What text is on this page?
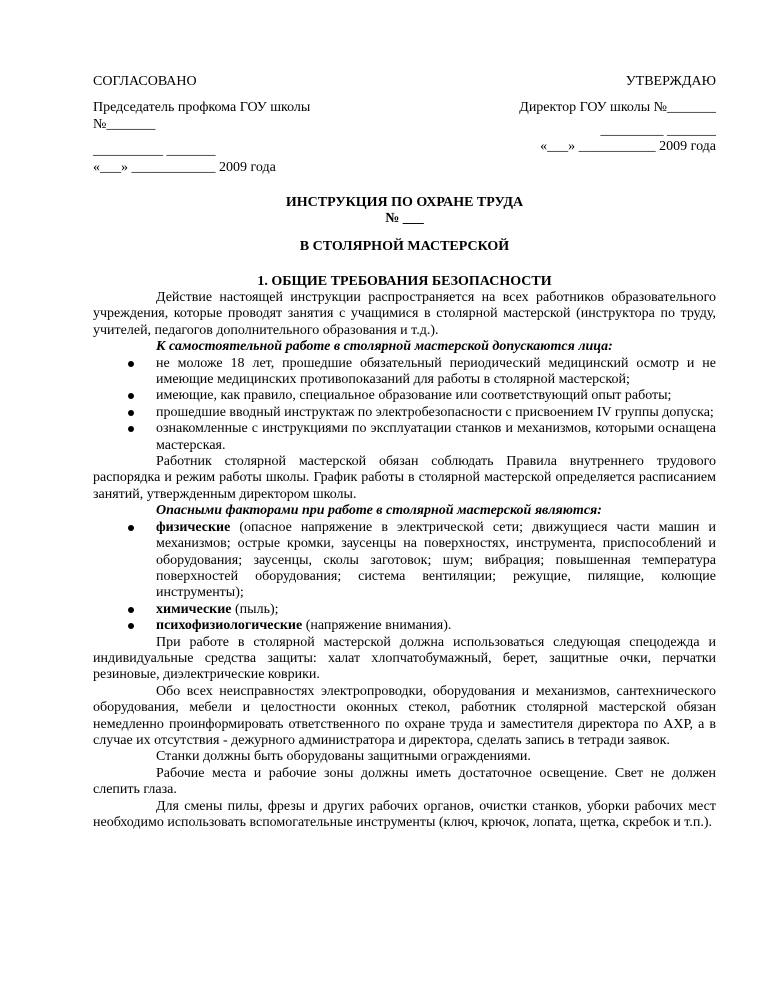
СОГЛАСОВАНО

Председатель профкома ГОУ школы

№_______

__________ _______

«___» ____________ 2009 года

УТВЕРЖДАЮ

Директор ГОУ школы №_______

_________ _______

«___» ___________ 2009 года

ИНСТРУКЦИЯ ПО ОХРАНЕ ТРУДА
№ ___
В СТОЛЯРНОЙ МАСТЕРСКОЙ
1. ОБЩИЕ ТРЕБОВАНИЯ БЕЗОПАСНОСТИ

Действие настоящей инструкции распространяется на всех работников образовательного учреждения, которые проводят занятия с учащимися в столярной мастерской (инструктора по труду, учителей, педагогов дополнительного образования и т.д.).

К самостоятельной работе в столярной мастерской допускаются лица:

не моложе 18 лет, прошедшие обязательный периодический медицинский осмотр и не имеющие медицинских противопоказаний для работы в столярной мастерской;
имеющие, как правило, специальное образование или соответствующий опыт работы;
прошедшие вводный инструктаж по электробезопасности с присвоением IV группы допуска;
ознакомленные с инструкциями по эксплуатации станков и механизмов, которыми оснащена мастерская.

Работник столярной мастерской обязан соблюдать Правила внутреннего трудового распорядка и режим работы школы. График работы в столярной мастерской определяется расписанием занятий, утвержденным директором школы.

Опасными факторами при работе в столярной мастерской являются:

физические (опасное напряжение в электрической сети; движущиеся части машин и механизмов; острые кромки, заусенцы на поверхностях, инструмента, приспособлений и оборудования; заусенцы, сколы заготовок; шум; вибрация; повышенная температура поверхностей оборудования; система вентиляции; режущие, пилящие, колющие инструменты);
химические (пыль);
психофизиологические (напряжение внимания).

При работе в столярной мастерской должна использоваться следующая спецодежда и индивидуальные средства защиты: халат хлопчатобумажный, берет, защитные очки, перчатки резиновые, диэлектрические коврики.

Обо всех неисправностях электропроводки, оборудования и механизмов, сантехнического оборудования, мебели и целостности оконных стекол, работник столярной мастерской обязан немедленно проинформировать ответственного по охране труда и заместителя директора по АХР, а в случае их отсутствия - дежурного администратора и директора, сделать запись в тетради заявок.

Станки должны быть оборудованы защитными ограждениями.

Рабочие места и рабочие зоны должны иметь достаточное освещение. Свет не должен слепить глаза.

Для смены пилы, фрезы и других рабочих органов, очистки станков, уборки рабочих мест необходимо использовать вспомогательные инструменты (ключ, крючок, лопата, щетка, скребок и т.п.).
